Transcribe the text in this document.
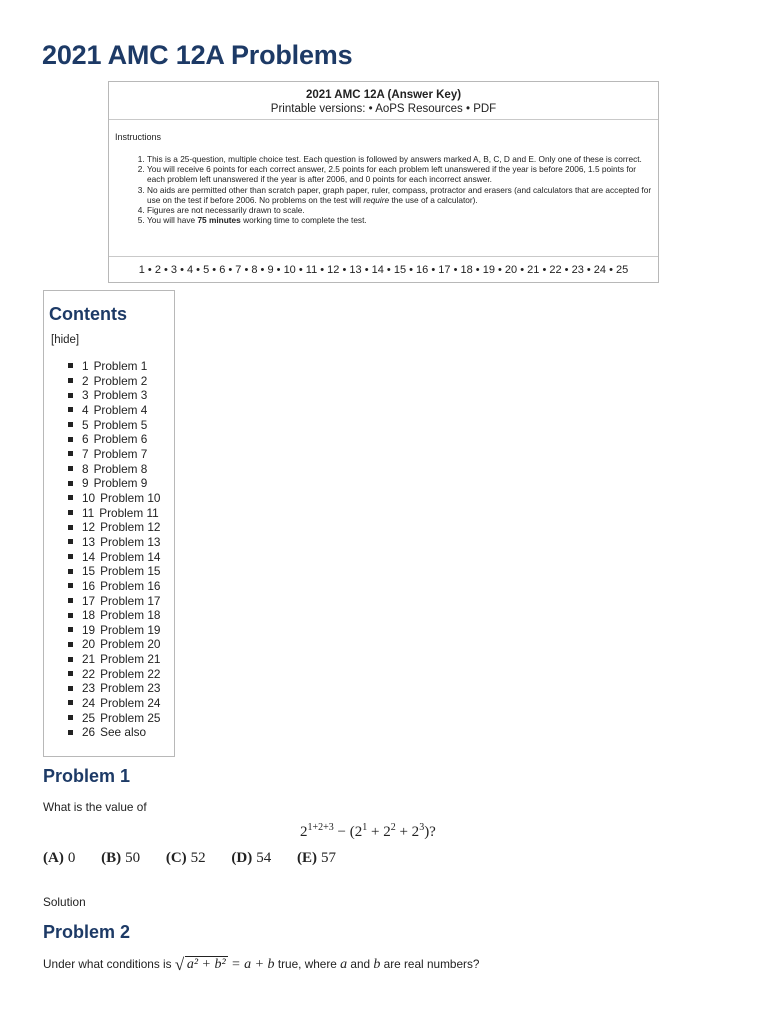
2021 AMC 12A Problems
2021 AMC 12A (Answer Key)
Printable versions: • AoPS Resources • PDF
Instructions
1. This is a 25-question, multiple choice test. Each question is followed by answers marked A, B, C, D and E. Only one of these is correct.
2. You will receive 6 points for each correct answer, 2.5 points for each problem left unanswered if the year is before 2006, 1.5 points for each problem left unanswered if the year is after 2006, and 0 points for each incorrect answer.
3. No aids are permitted other than scratch paper, graph paper, ruler, compass, protractor and erasers (and calculators that are accepted for use on the test if before 2006. No problems on the test will require the use of a calculator).
4. Figures are not necessarily drawn to scale.
5. You will have 75 minutes working time to complete the test.
1 • 2 • 3 • 4 • 5 • 6 • 7 • 8 • 9 • 10 • 11 • 12 • 13 • 14 • 15 • 16 • 17 • 18 • 19 • 20 • 21 • 22 • 23 • 24 • 25
Contents
[hide]
1 Problem 1
2 Problem 2
3 Problem 3
4 Problem 4
5 Problem 5
6 Problem 6
7 Problem 7
8 Problem 8
9 Problem 9
10 Problem 10
11 Problem 11
12 Problem 12
13 Problem 13
14 Problem 14
15 Problem 15
16 Problem 16
17 Problem 17
18 Problem 18
19 Problem 19
20 Problem 20
21 Problem 21
22 Problem 22
23 Problem 23
24 Problem 24
25 Problem 25
26 See also
Problem 1
What is the value of
$2^{1+2+3} - (2^1 + 2^2 + 2^3)$?
(A) 0 (B) 50 (C) 52 (D) 54 (E) 57
Solution
Problem 2
Under what conditions is √ a² + b² = a + b true, where a and b are real numbers?
